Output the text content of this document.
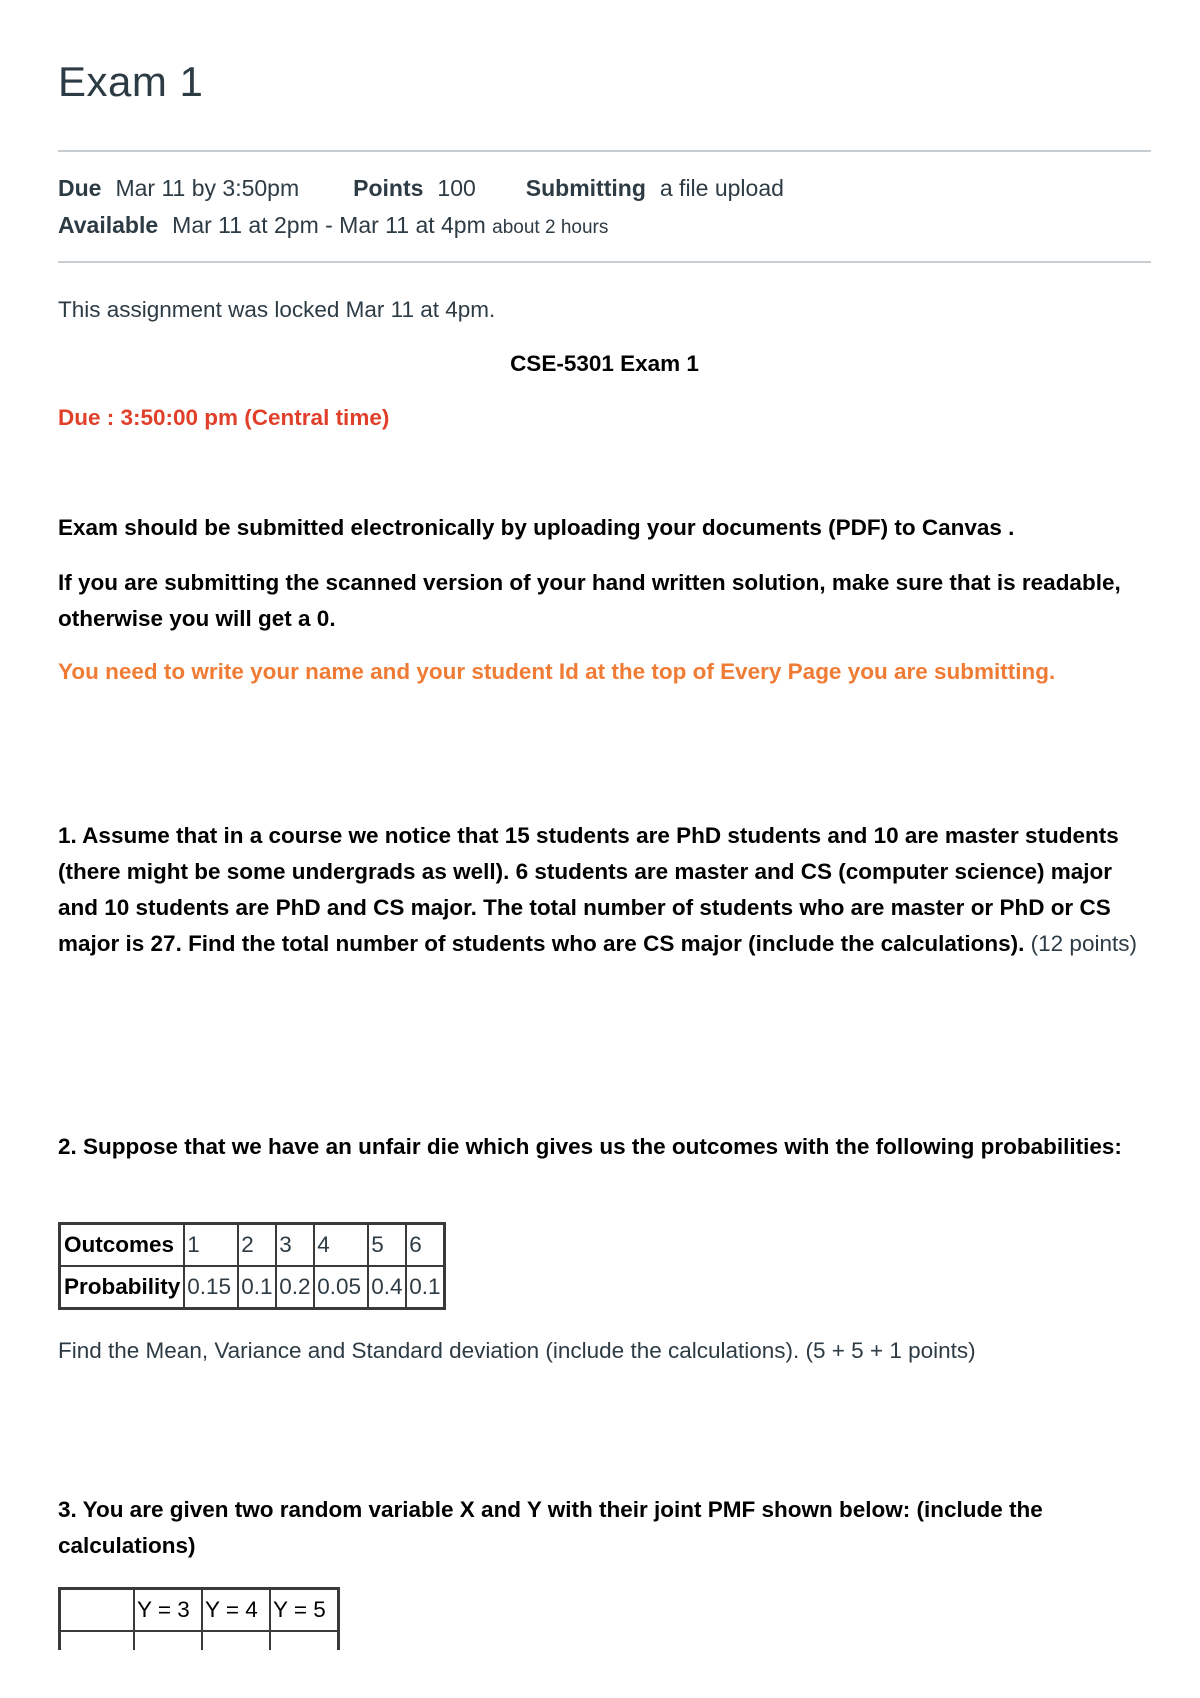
Exam 1
Due Mar 11 by 3:50pm Points 100 Submitting a file upload
Available Mar 11 at 2pm - Mar 11 at 4pm about 2 hours

This assignment was locked Mar 11 at 4pm.

CSE-5301 Exam 1

Due : 3:50:00 pm (Central time)

Exam should be submitted electronically by uploading your documents (PDF) to Canvas .

If you are submitting the scanned version of your hand written solution, make sure that is readable, otherwise you will get a 0.

You need to write your name and your student Id at the top of Every Page you are submitting.

1. Assume that in a course we notice that 15 students are PhD students and 10 are master students (there might be some undergrads as well). 6 students are master and CS (computer science) major and 10 students are PhD and CS major. The total number of students who are master or PhD or CS major is 27. Find the total number of students who are CS major (include the calculations). (12 points)

2. Suppose that we have an unfair die which gives us the outcomes with the following probabilities:

Outcomes	1	2	3	4	5	6
Probability	0.15	0.1	0.2	0.05	0.4	0.1

Find the Mean, Variance and Standard deviation (include the calculations). (5 + 5 + 1 points)

3. You are given two random variable X and Y with their joint PMF shown below: (include the calculations)

	Y = 3	Y = 4	Y = 5
